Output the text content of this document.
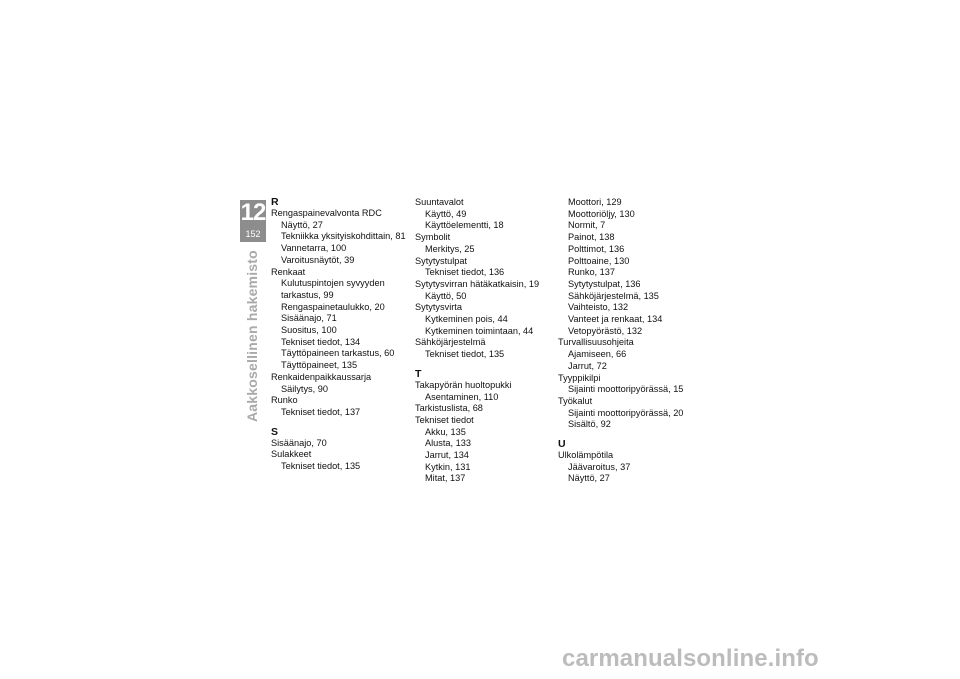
12
152
Aakkosellinen hakemisto
R
Rengaspainevalvonta RDC
Näyttö, 27
Tekniikka yksityiskohdittain, 81
Vannetarra, 100
Varoitusnäytöt, 39
Renkaat
Kulutuspintojen syvyyden tarkastus, 99
Rengaspainetaulukko, 20
Sisäänajo, 71
Suositus, 100
Tekniset tiedot, 134
Täyttöpaineen tarkastus, 60
Täyttöpaineet, 135
Renkaidenpaikkaussarja
Säilytys, 90
Runko
Tekniset tiedot, 137
S
Sisäänajo, 70
Sulakkeet
Tekniset tiedot, 135
Suuntavalot
Käyttö, 49
Käyttöelementti, 18
Symbolit
Merkitys, 25
Sytytystulpat
Tekniset tiedot, 136
Sytytysvirran hätäkatkaisin, 19
Käyttö, 50
Sytytysvirta
Kytkeminen pois, 44
Kytkeminen toimintaan, 44
Sähköjärjestelmä
Tekniset tiedot, 135
T
Takapyörän huoltopukki
Asentaminen, 110
Tarkistuslista, 68
Tekniset tiedot
Akku, 135
Alusta, 133
Jarrut, 134
Kytkin, 131
Mitat, 137
Moottori, 129
Moottoriöljy, 130
Normit, 7
Painot, 138
Polttimot, 136
Polttoaine, 130
Runko, 137
Sytytystulpat, 136
Sähköjärjestelmä, 135
Vaihteisto, 132
Vanteet ja renkaat, 134
Vetopyörästö, 132
Turvallisuusohjeita
Ajamiseen, 66
Jarrut, 72
Tyyppikilpi
Sijainti moottoripyörässä, 15
Työkalut
Sijainti moottoripyörässä, 20
Sisältö, 92
U
Ulkolämpötila
Jäävaroitus, 37
Näyttö, 27
carmanualsonline.info
